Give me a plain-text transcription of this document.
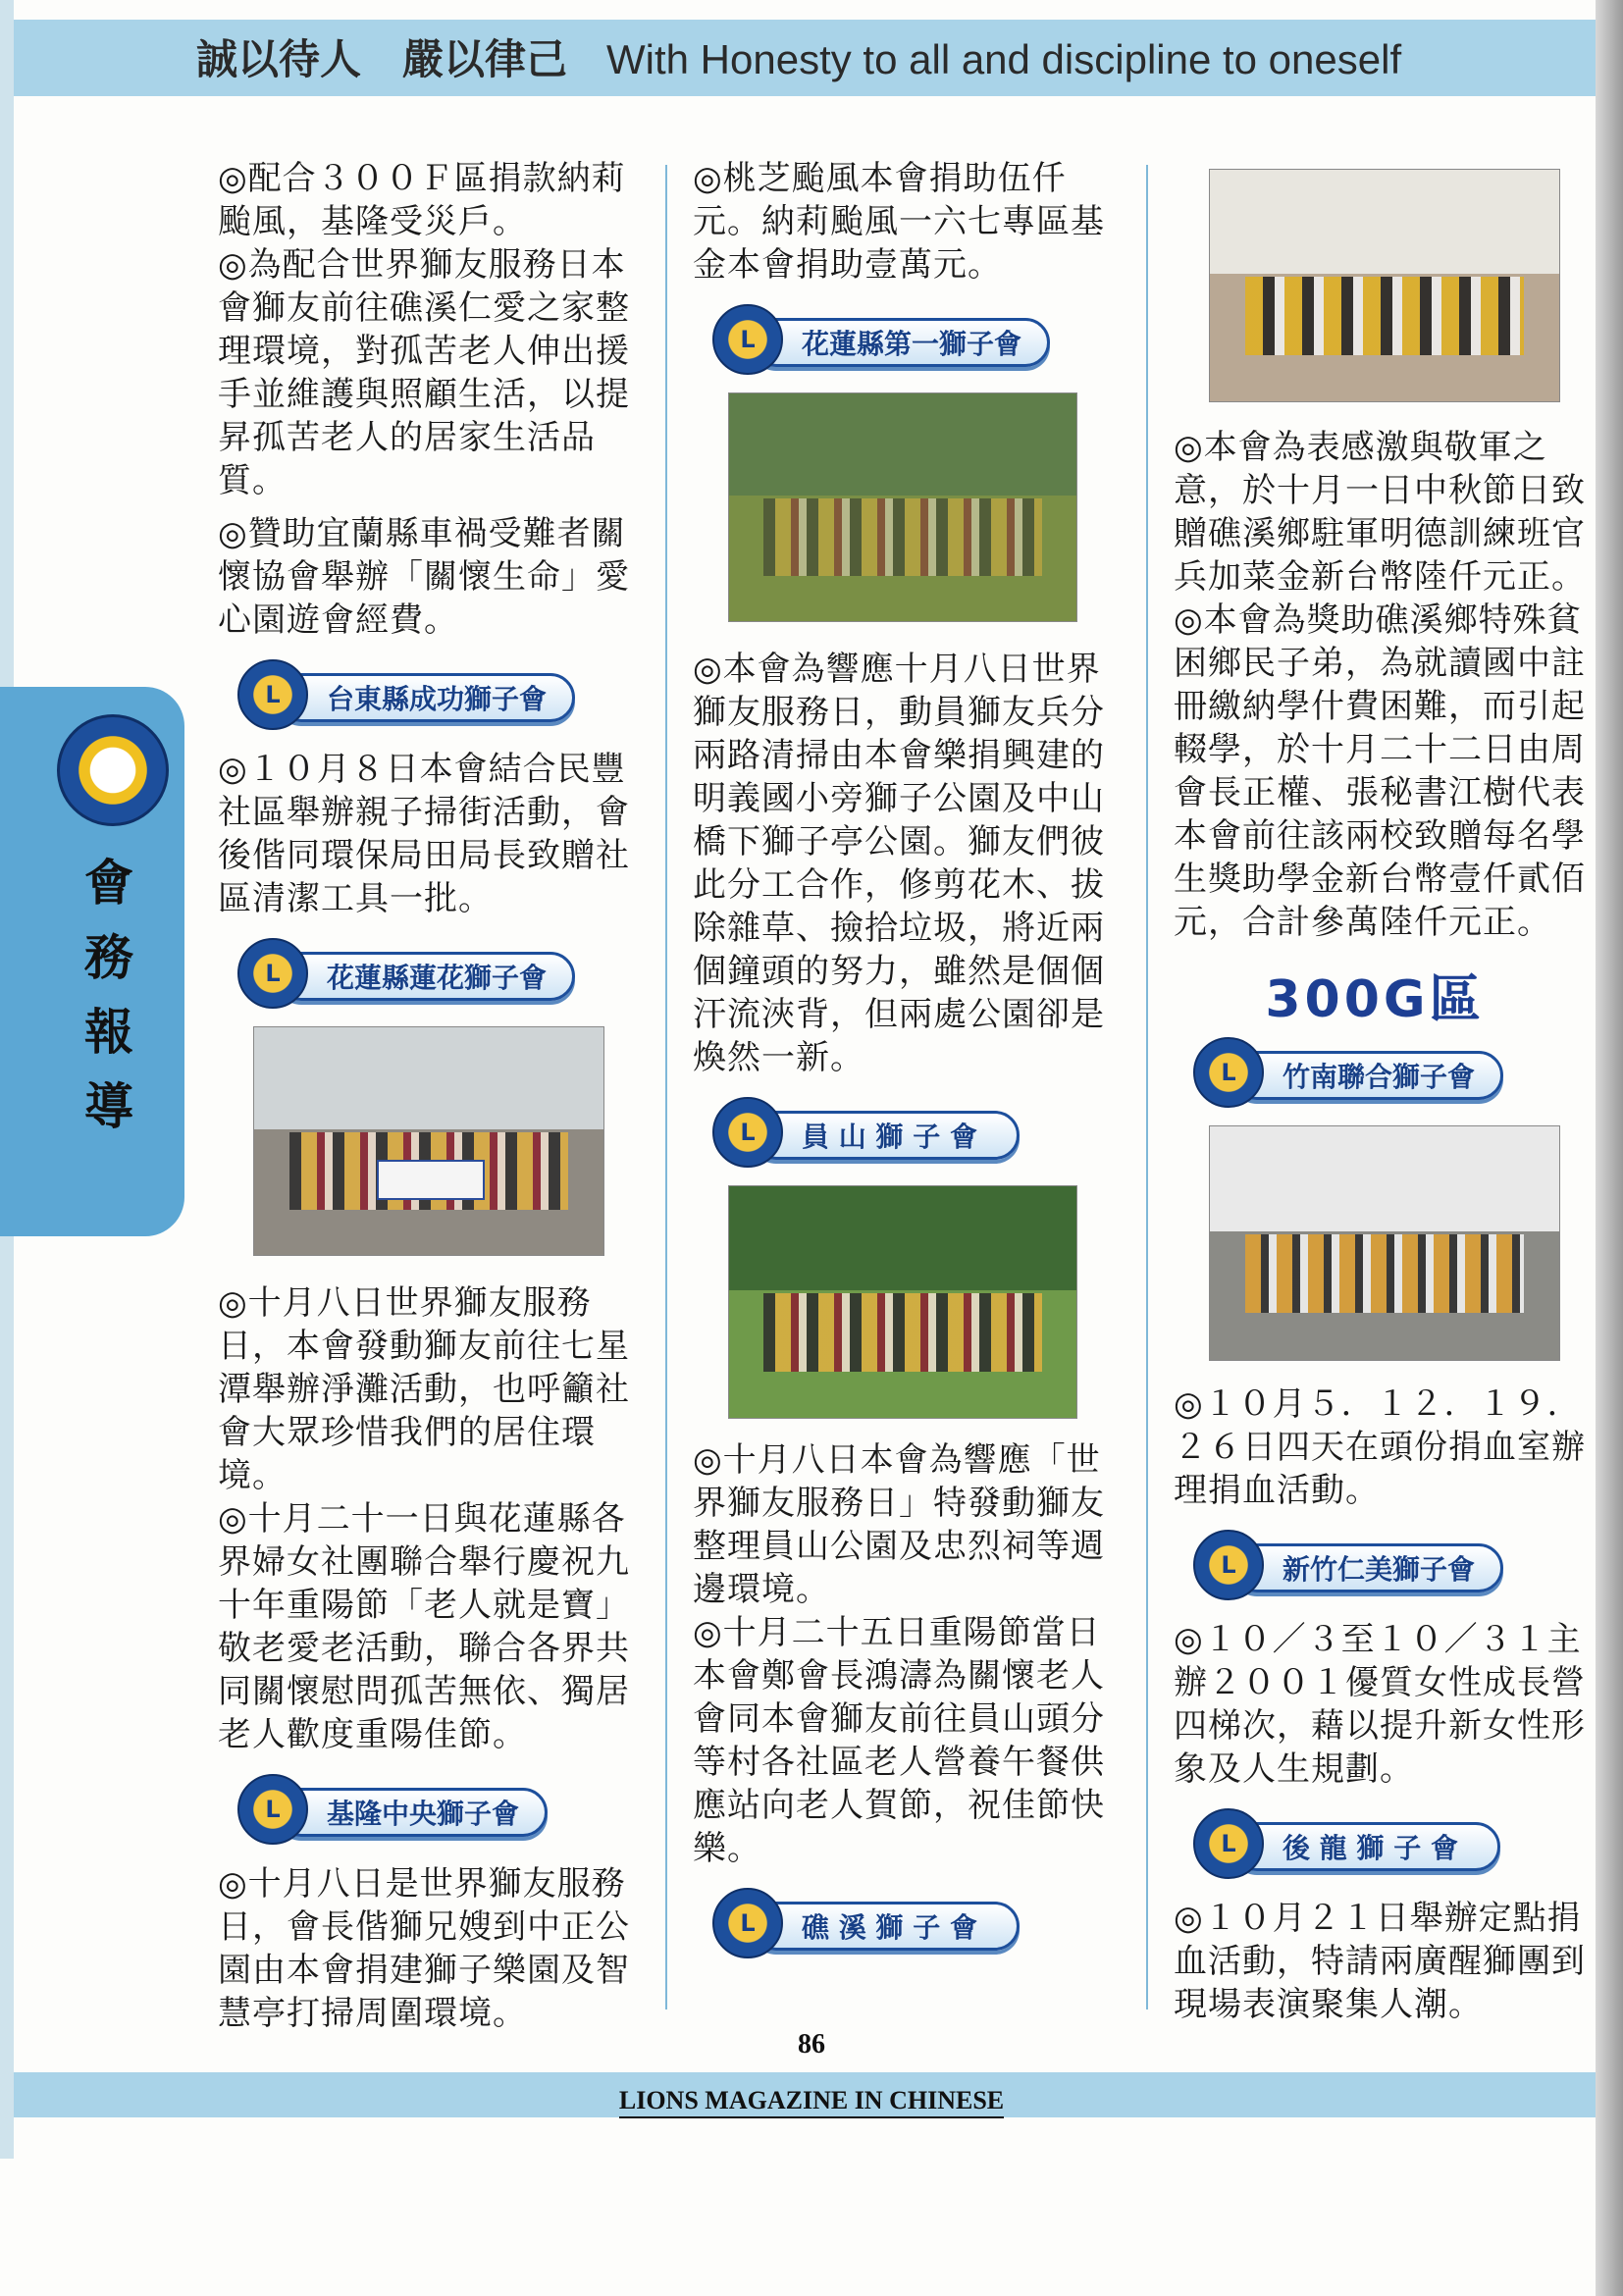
誠以待人　嚴以律己 With Honesty to all and discipline to oneself
會務報導

◎配合３００Ｆ區捐款納莉颱風，基隆受災戶。

◎為配合世界獅友服務日本會獅友前往礁溪仁愛之家整理環境，對孤苦老人伸出援手並維護與照顧生活，以提昇孤苦老人的居家生活品質。

◎贊助宜蘭縣車禍受難者關懷協會舉辦「關懷生命」愛心園遊會經費。

台東縣成功獅子會
L

◎１０月８日本會結合民豐社區舉辦親子掃街活動，會後偕同環保局田局長致贈社區清潔工具一批。

花蓮縣蓮花獅子會
L

◎十月八日世界獅友服務日，本會發動獅友前往七星潭舉辦淨灘活動，也呼籲社會大眾珍惜我們的居住環境。

◎十月二十一日與花蓮縣各界婦女社團聯合舉行慶祝九十年重陽節「老人就是寶」敬老愛老活動，聯合各界共同關懷慰問孤苦無依、獨居老人歡度重陽佳節。

基隆中央獅子會
L

◎十月八日是世界獅友服務日，會長偕獅兄嫂到中正公園由本會捐建獅子樂園及智慧亭打掃周圍環境。

◎桃芝颱風本會捐助伍仟元。納莉颱風一六七專區基金本會捐助壹萬元。

花蓮縣第一獅子會
L

◎本會為響應十月八日世界獅友服務日，動員獅友兵分兩路清掃由本會樂捐興建的明義國小旁獅子公園及中山橋下獅子亭公園。獅友們彼此分工合作，修剪花木、拔除雜草、撿拾垃圾，將近兩個鐘頭的努力，雖然是個個汗流浹背，但兩處公園卻是煥然一新。

員 山 獅 子 會
L

◎十月八日本會為響應「世界獅友服務日」特發動獅友整理員山公園及忠烈祠等週邊環境。

◎十月二十五日重陽節當日本會鄭會長鴻濤為關懷老人會同本會獅友前往員山頭分等村各社區老人營養午餐供應站向老人賀節，祝佳節快樂。

礁 溪 獅 子 會
L

◎本會為表感激與敬軍之意，於十月一日中秋節日致贈礁溪鄉駐軍明德訓練班官兵加菜金新台幣陸仟元正。

◎本會為獎助礁溪鄉特殊貧困鄉民子弟，為就讀國中註冊繳納學什費困難，而引起輟學，於十月二十二日由周會長正權、張秘書江樹代表本會前往該兩校致贈每名學生獎助學金新台幣壹仟貳佰元，合計參萬陸仟元正。

300G區
竹南聯合獅子會
L

◎１０月５．１２．１９．２６日四天在頭份捐血室辦理捐血活動。

新竹仁美獅子會
L

◎１０／３至１０／３１主辦２００１優質女性成長營四梯次，藉以提升新女性形象及人生規劃。

後 龍 獅 子 會
L

◎１０月２１日舉辦定點捐血活動，特請兩廣醒獅團到現場表演聚集人潮。

86
LIONS MAGAZINE IN CHINESE
